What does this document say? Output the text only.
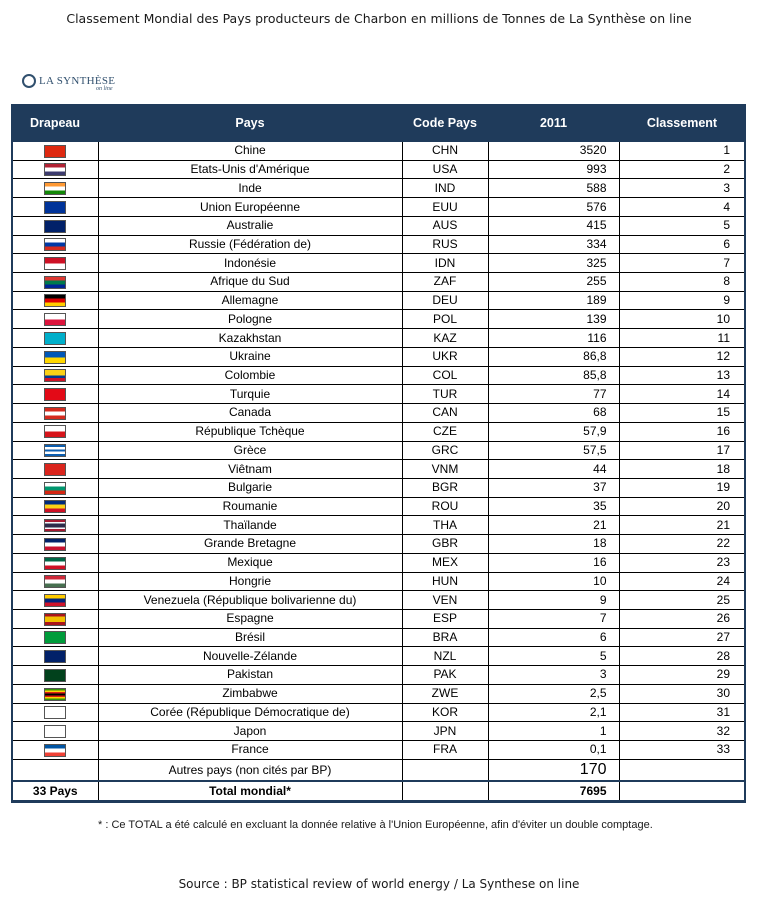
Classement Mondial des Pays producteurs de Charbon en millions de Tonnes de La Synthèse on line
LA SYNTHÈSE
on line
Drapeau	Pays	Code Pays	2011	Classement
	Chine	CHN	3520	1
	Etats-Unis d'Amérique	USA	993	2
	Inde	IND	588	3
	Union Européenne	EUU	576	4
	Australie	AUS	415	5
	Russie (Fédération de)	RUS	334	6
	Indonésie	IDN	325	7
	Afrique du Sud	ZAF	255	8
	Allemagne	DEU	189	9
	Pologne	POL	139	10
	Kazakhstan	KAZ	116	11
	Ukraine	UKR	86,8	12
	Colombie	COL	85,8	13
	Turquie	TUR	77	14
	Canada	CAN	68	15
	République Tchèque	CZE	57,9	16
	Grèce	GRC	57,5	17
	Viêtnam	VNM	44	18
	Bulgarie	BGR	37	19
	Roumanie	ROU	35	20
	Thaïlande	THA	21	21
	Grande Bretagne	GBR	18	22
	Mexique	MEX	16	23
	Hongrie	HUN	10	24
	Venezuela (République bolivarienne du)	VEN	9	25
	Espagne	ESP	7	26
	Brésil	BRA	6	27
	Nouvelle-Zélande	NZL	5	28
	Pakistan	PAK	3	29
	Zimbabwe	ZWE	2,5	30
	Corée (République Démocratique de)	KOR	2,1	31
	Japon	JPN	1	32
	France	FRA	0,1	33
	Autres pays (non cités par BP)		170	
33 Pays	Total mondial*		7695	
* : Ce TOTAL a été calculé en excluant la donnée relative à l'Union Européenne, afin d'éviter un double comptage.
Source : BP statistical review of world energy / La Synthese on line
